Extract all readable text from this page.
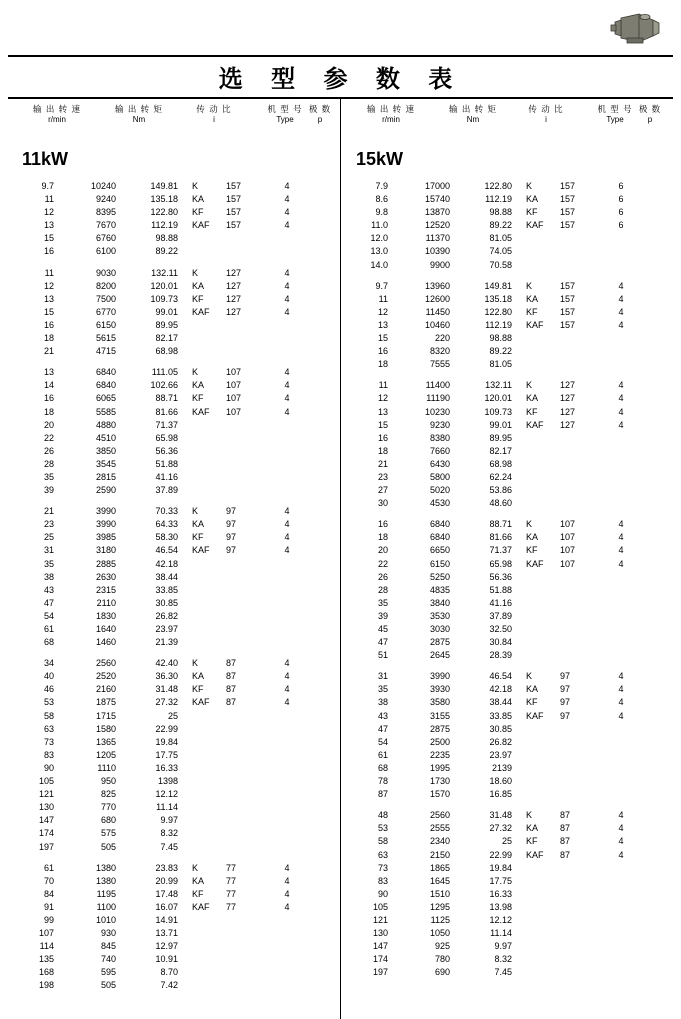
选 型 参 数 表
输 出 转 速
r/min
输 出 转 矩
Nm
传 动 比
i
机 型 号
Type
极 数
p
输 出 转 速
r/min
输 出 转 矩
Nm
传 动 比
i
机 型 号
Type
极 数
p
11kW	15kW
9.7	10240	149.81 K	157	4
11	9240	135.18 KA 157	4
12	8395	122.80 KF 157	4
13	7670	112.19 KAF 157	4
15	6760	98.88
16	6100	89.22
11	9030	132.11 K	127	4
12	8200	120.01 KA 127	4
13	7500	109.73 KF 127	4
15	6770	99.01 KAF 127	4
16	6150	89.95
18	5615	82.17
21	4715	68.98
13	6840	111.05 K	107	4
14	6840	102.66 KA 107	4
16	6065	88.71 KF 107	4
18	5585	81.66 KAF 107	4
20	4880	71.37
22	4510	65.98
26	3850	56.36
28	3545	51.88
35	2815	41.16
39	2590	37.89
21	3990	70.33 K	97	4
23	3990	64.33 KA 97	4
25	3985	58.30 KF 97	4
31	3180	46.54 KAF 97	4
35	2885	42.18
38	2630	38.44
43	2315	33.85
47	2110	30.85
54	1830	26.82
61	1640	23.97
68	1460	21.39
34	2560	42.40 K	87	4
40	2520	36.30 KA 87	4
46	2160	31.48 KF 87	4
53	1875	27.32 KAF 87	4
58	1715	25
63	1580	22.99
73	1365	19.84
83	1205	17.75
90	1110	16.33
105	950	1398
121	825	12.12
130	770	11.14
147	680	9.97
174	575	8.32
197	505	7.45
61	1380	23.83 K	77	4
70	1380	20.99 KA 77	4
84	1195	17.48 KF 77	4
91	1100	16.07 KAF 77	4
99	1010	14.91
107	930	13.71
114	845	12.97
135	740	10.91
168	595	8.70
198	505	7.42
7.9	17000	122.80 K	157	6
8.6	15740	112.19 KA 157	6
9.8	13870	98.88 KF 157	6
11.0	12520	89.22 KAF 157	6
12.0	11370	81.05
13.0	10390	74.05
14.0	9900	70.58
9.7	13960	149.81 K	157	4
11	12600	135.18 KA 157	4
12	11450	122.80 KF 157	4
13	10460	112.19 KAF 157	4
15	220	98.88
16	8320	89.22
18	7555	81.05
11	11400	132.11 K	127	4
12	11190	120.01 KA 127	4
13	10230	109.73 KF 127	4
15	9230	99.01 KAF 127	4
16	8380	89.95
18	7660	82.17
21	6430	68.98
23	5800	62.24
27	5020	53.86
30	4530	48.60
16	6840	88.71 K	107	4
18	6840	81.66 KA 107	4
20	6650	71.37 KF 107	4
22	6150	65.98 KAF 107	4
26	5250	56.36
28	4835	51.88
35	3840	41.16
39	3530	37.89
45	3030	32.50
47	2875	30.84
51	2645	28.39
31	3990	46.54 K	97	4
35	3930	42.18 KA 97	4
38	3580	38.44 KF 97	4
43	3155	33.85 KAF 97	4
47	2875	30.85
54	2500	26.82
61	2235	23.97
68	1995	2139
78	1730	18.60
87	1570	16.85
48	2560	31.48 K	87	4
53	2555	27.32 KA 87	4
58	2340	25 KF 87	4
63	2150	22.99 KAF 87	4
73	1865	19.84
83	1645	17.75
90	1510	16.33
105	1295	13.98
121	1125	12.12
130	1050	11.14
147	925	9.97
174	780	8.32
197	690	7.45
